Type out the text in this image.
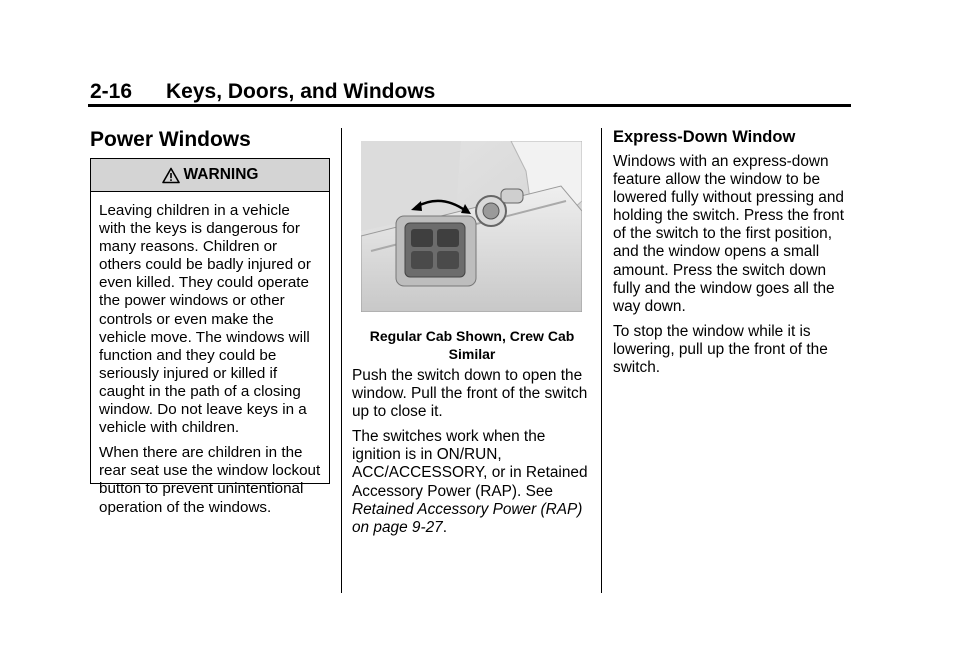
2-16 Keys, Doors, and Windows
Power Windows
WARNING

Leaving children in a vehicle with the keys is dangerous for many reasons. Children or others could be badly injured or even killed. They could operate the power windows or other controls or even make the vehicle move. The windows will function and they could be seriously injured or killed if caught in the path of a closing window. Do not leave keys in a vehicle with children.

When there are children in the rear seat use the window lockout button to prevent unintentional operation of the windows.

Regular Cab Shown, Crew Cab Similar

Push the switch down to open the window. Pull the front of the switch up to close it.

The switches work when the ignition is in ON/RUN, ACC/ACCESSORY, or in Retained Accessory Power (RAP). See Retained Accessory Power (RAP) on page 9-27.

Express-Down Window

Windows with an express-down feature allow the window to be lowered fully without pressing and holding the switch. Press the front of the switch to the first position, and the window opens a small amount. Press the switch down fully and the window goes all the way down.

To stop the window while it is lowering, pull up the front of the switch.
